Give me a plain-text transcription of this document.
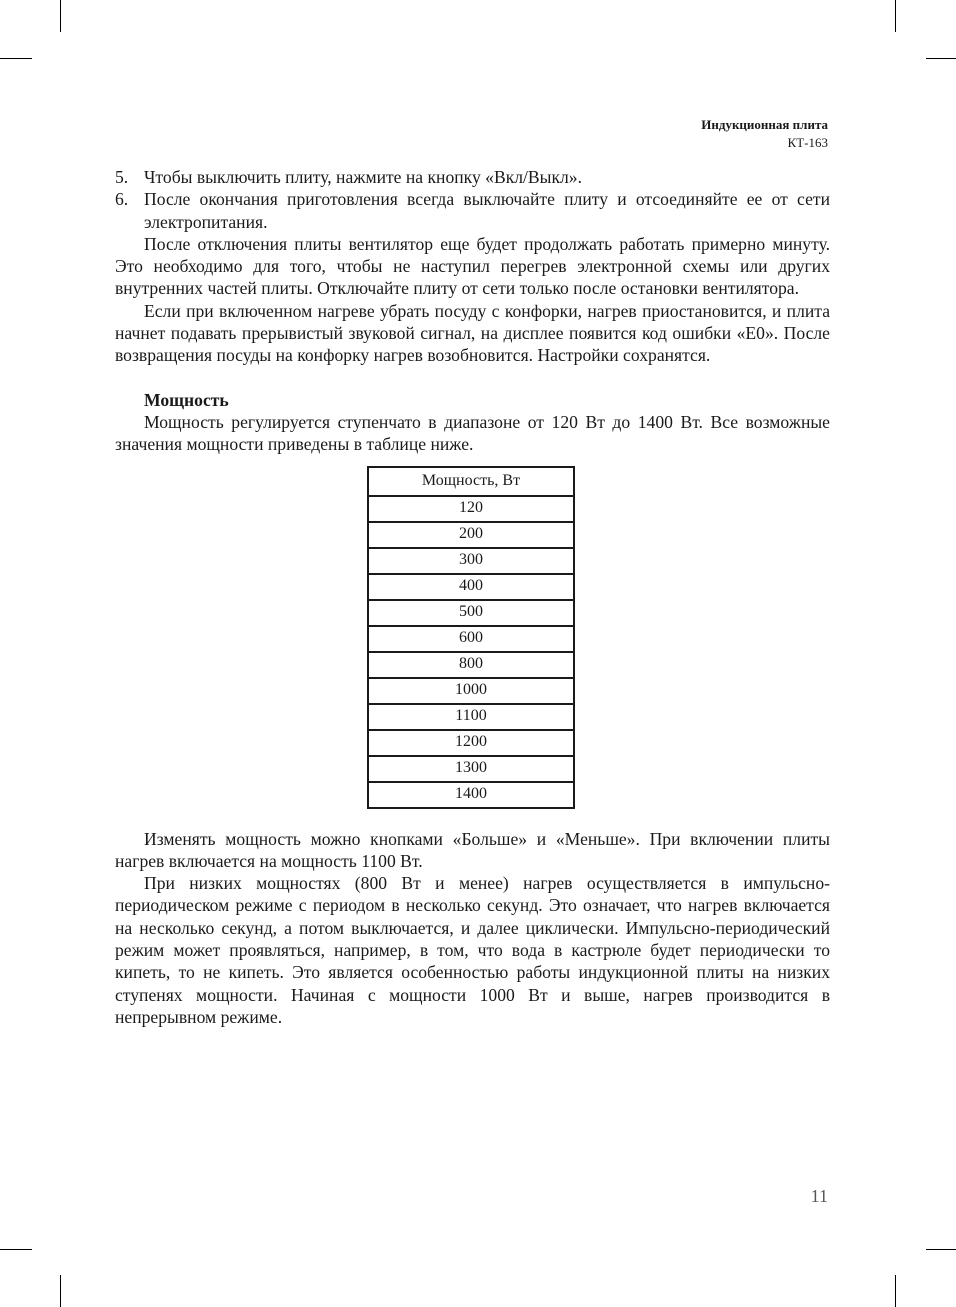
Индукционная плита
КТ-163
5. Чтобы выключить плиту, нажмите на кнопку «Вкл/Выкл».
6. После окончания приготовления всегда выключайте плиту и отсоединяйте ее от сети электропитания.

После отключения плиты вентилятор еще будет продолжать работать примерно минуту. Это необходимо для того, чтобы не наступил перегрев электронной схемы или других внутренних частей плиты. Отключайте плиту от сети только после остановки вентилятора.

Если при включенном нагреве убрать посуду с конфорки, нагрев приостановится, и плита начнет подавать прерывистый звуковой сигнал, на дисплее появится код ошибки «Е0». После возвращения посуды на конфорку нагрев возобновится. Настройки сохранятся.

Мощность

Мощность регулируется ступенчато в диапазоне от 120 Вт до 1400 Вт. Все возможные значения мощности приведены в таблице ниже.

Мощность, Вт
120
200
300
400
500
600
800
1000
1100
1200
1300
1400

Изменять мощность можно кнопками «Больше» и «Меньше». При включении плиты нагрев включается на мощность 1100 Вт.

При низких мощностях (800 Вт и менее) нагрев осуществляется в импульсно-периодическом режиме с периодом в несколько секунд. Это означает, что нагрев включается на несколько секунд, а потом выключается, и далее циклически. Импульсно-периодический режим может проявляться, например, в том, что вода в кастрюле будет периодически то кипеть, то не кипеть. Это является особенностью работы индукционной плиты на низких ступенях мощности. Начиная с мощности 1000 Вт и выше, нагрев производится в непрерывном режиме.

11
